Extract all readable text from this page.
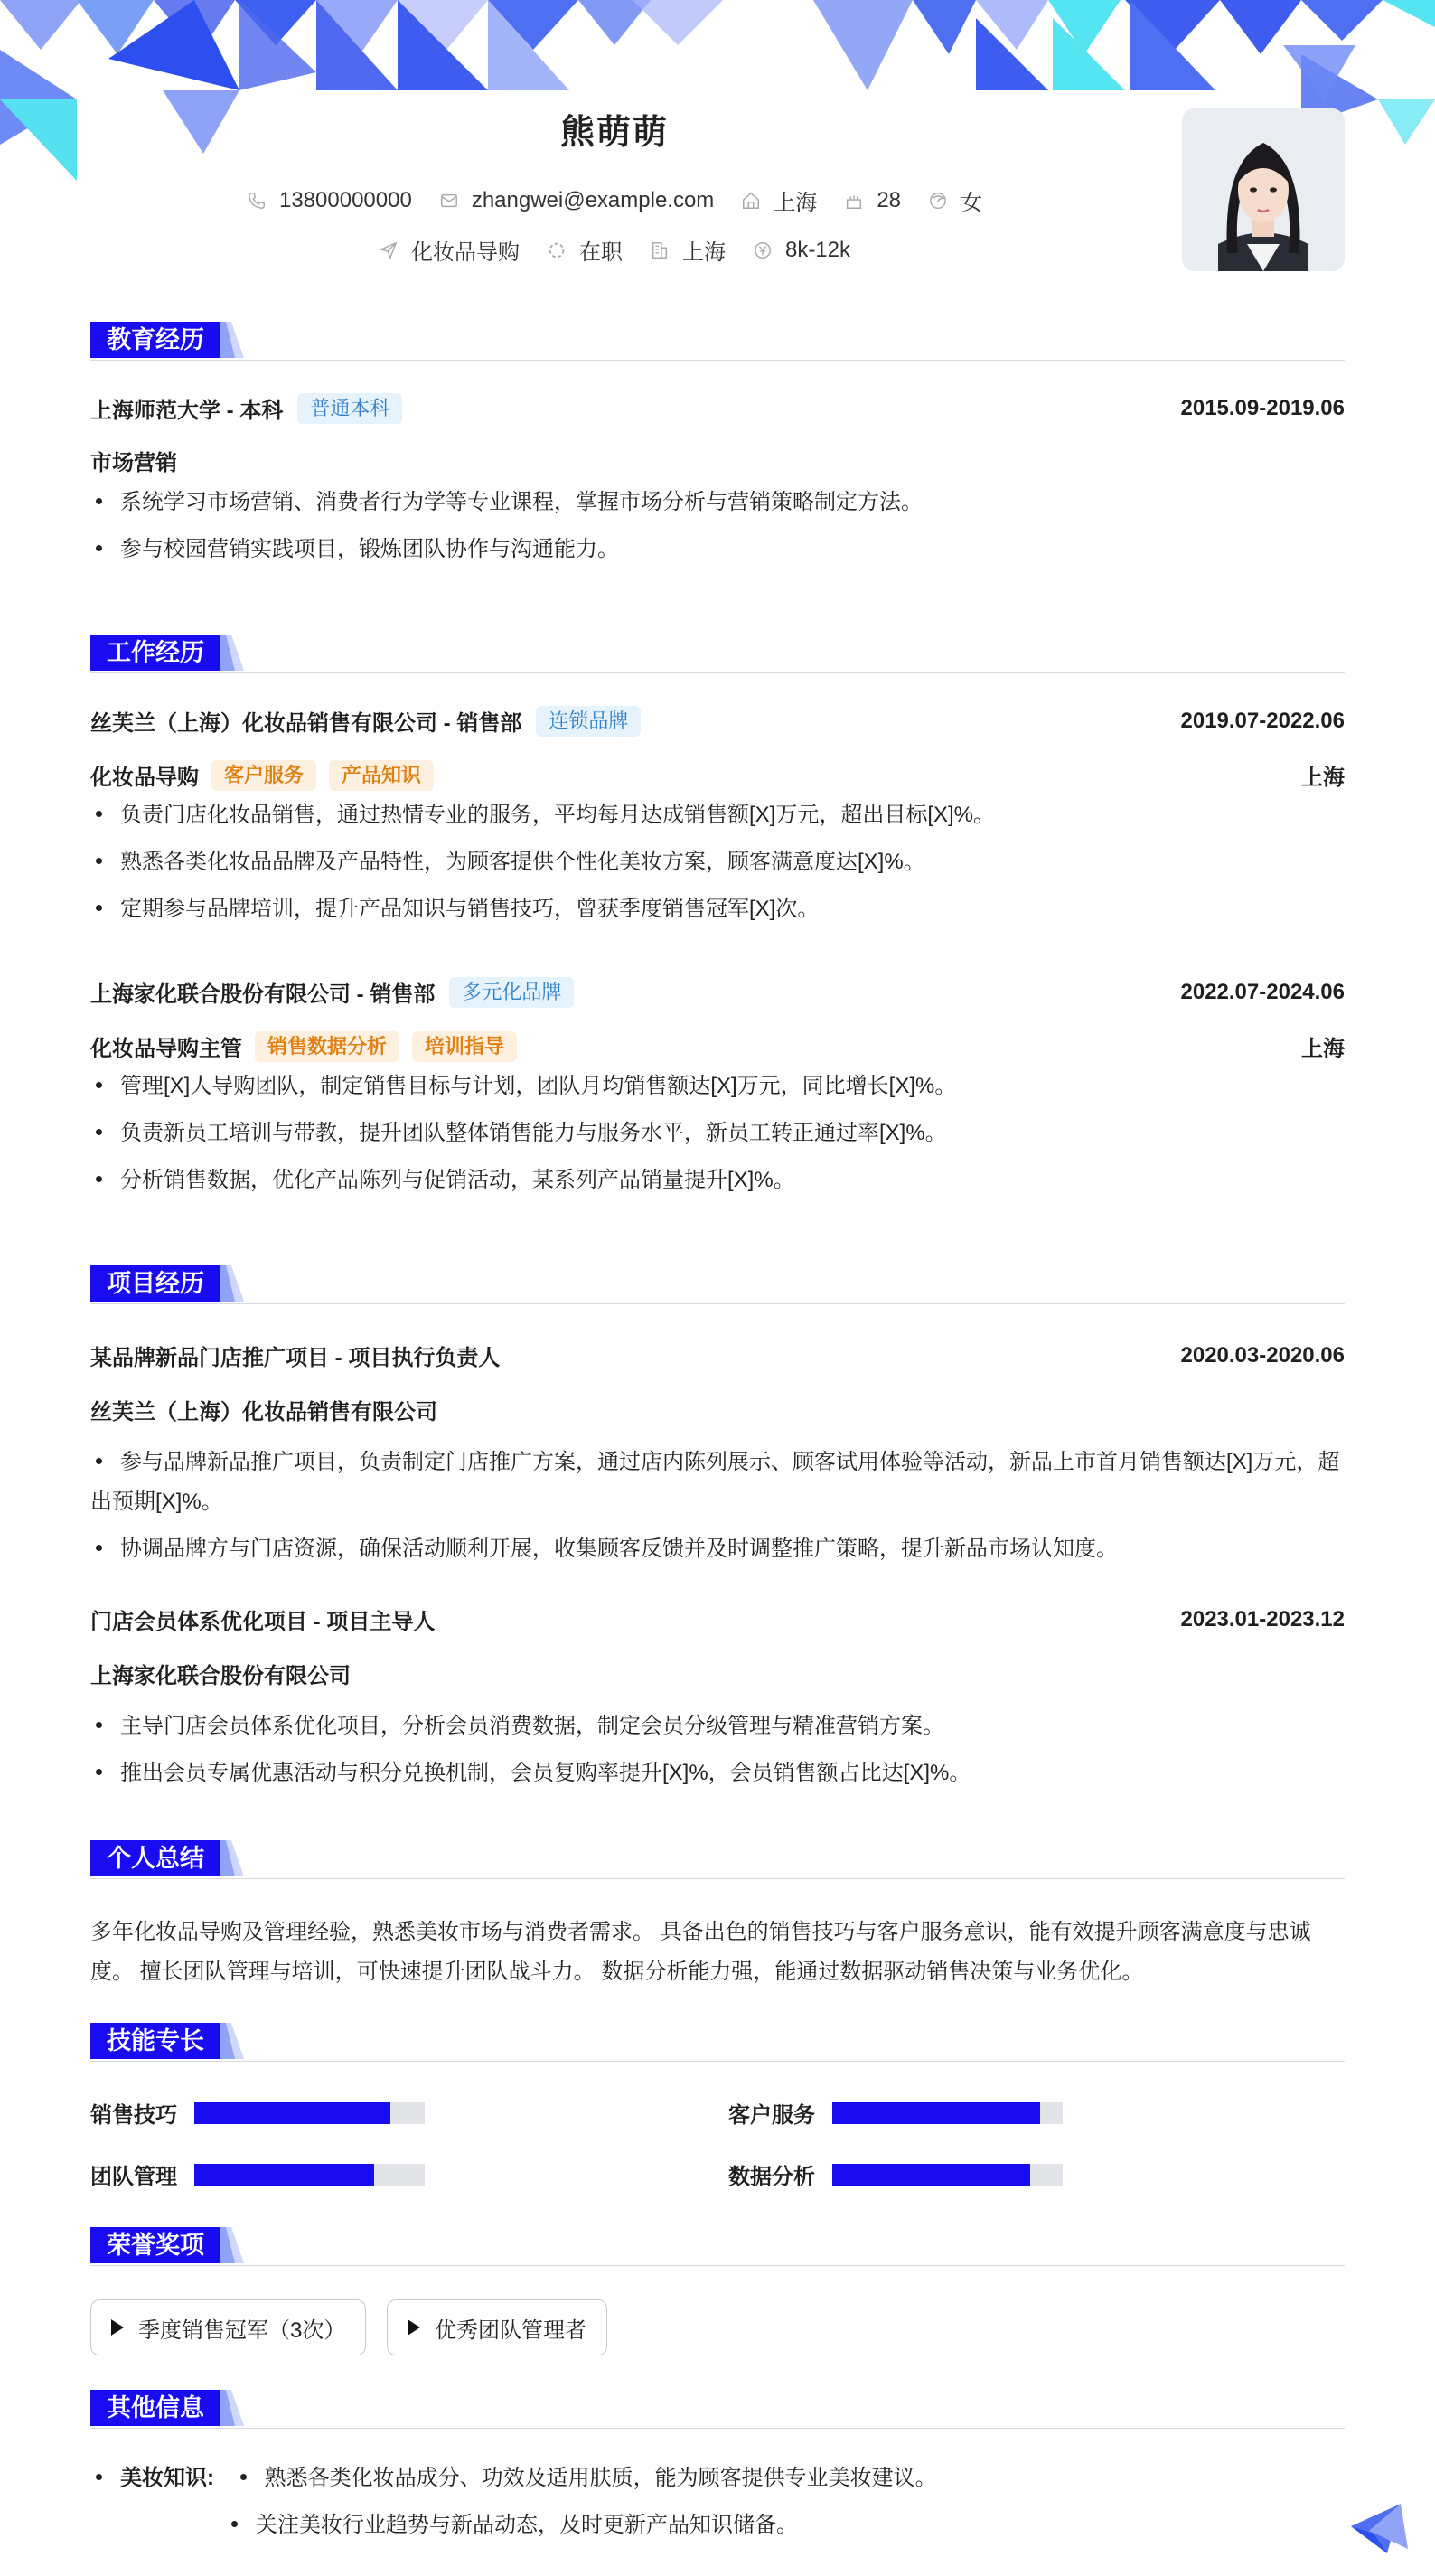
熊萌萌
13800000000	zhangwei@example.com	上海	28	女
化妆品导购	在职	上海	8k-12k
教育经历
上海师范大学 - 本科	普通本科	2015.09-2019.06
市场营销
系统学习市场营销、消费者行为学等专业课程，掌握市场分析与营销策略制定方法。
参与校园营销实践项目，锻炼团队协作与沟通能力。
工作经历
丝芙兰（上海）化妆品销售有限公司 - 销售部	连锁品牌	2019.07-2022.06
化妆品导购	客户服务	产品知识	上海
负责门店化妆品销售，通过热情专业的服务，平均每月达成销售额[X]万元，超出目标[X]%。
熟悉各类化妆品品牌及产品特性，为顾客提供个性化美妆方案，顾客满意度达[X]%。
定期参与品牌培训，提升产品知识与销售技巧，曾获季度销售冠军[X]次。
上海家化联合股份有限公司 - 销售部	多元化品牌	2022.07-2024.06
化妆品导购主管	销售数据分析	培训指导	上海
管理[X]人导购团队，制定销售目标与计划，团队月均销售额达[X]万元，同比增长[X]%。
负责新员工培训与带教，提升团队整体销售能力与服务水平，新员工转正通过率[X]%。
分析销售数据，优化产品陈列与促销活动，某系列产品销量提升[X]%。
项目经历
某品牌新品门店推广项目 - 项目执行负责人	2020.03-2020.06
丝芙兰（上海）化妆品销售有限公司
参与品牌新品推广项目，负责制定门店推广方案，通过店内陈列展示、顾客试用体验等活动，新品上市首月销售额达[X]万元，超
出预期[X]%。
协调品牌方与门店资源，确保活动顺利开展，收集顾客反馈并及时调整推广策略，提升新品市场认知度。
门店会员体系优化项目 - 项目主导人	2023.01-2023.12
上海家化联合股份有限公司
主导门店会员体系优化项目，分析会员消费数据，制定会员分级管理与精准营销方案。
推出会员专属优惠活动与积分兑换机制，会员复购率提升[X]%，会员销售额占比达[X]%。
个人总结
多年化妆品导购及管理经验，熟悉美妆市场与消费者需求。 具备出色的销售技巧与客户服务意识，能有效提升顾客满意度与忠诚
度。 擅长团队管理与培训，可快速提升团队战斗力。 数据分析能力强，能通过数据驱动销售决策与业务优化。
技能专长
销售技巧	客户服务
团队管理	数据分析
荣誉奖项
季度销售冠军（3次）	优秀团队管理者
其他信息
美妆知识: 熟悉各类化妆品成分、功效及适用肤质，能为顾客提供专业美妆建议。
关注美妆行业趋势与新品动态，及时更新产品知识储备。
